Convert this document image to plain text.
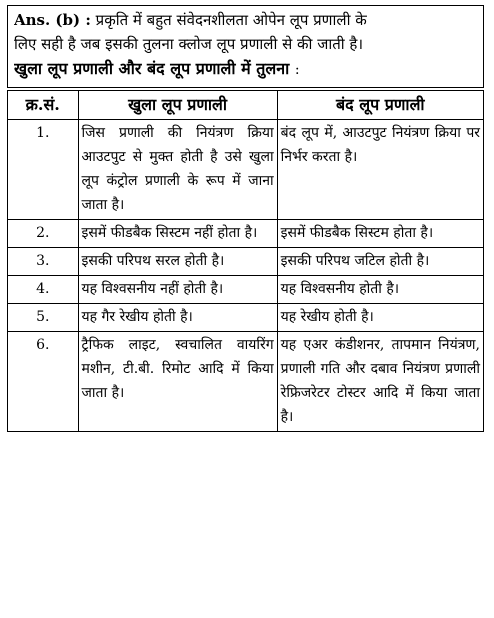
Ans. (b) : प्रकृति में बहुत संवेदनशीलता ओपेन लूप प्रणाली के
लिए सही है जब इसकी तुलना क्लोज लूप प्रणाली से की जाती है।
खुला लूप प्रणाली और बंद लूप प्रणाली में तुलना :
क्र.सं.	खुला लूप प्रणाली	बंद लूप प्रणाली
1.	जिस प्रणाली की नियंत्रण क्रिया आउटपुट से मुक्त होती है उसे खुला लूप कंट्रोल प्रणाली के रूप में जाना जाता है।	बंद लूप में, आउटपुट नियंत्रण क्रिया पर निर्भर करता है।
2.	इसमें फीडबैक सिस्टम नहीं होता है।	इसमें फीडबैक सिस्टम होता है।
3.	इसकी परिपथ सरल होती है।	इसकी परिपथ जटिल होती है।
4.	यह विश्वसनीय नहीं होती है।	यह विश्वसनीय होती है।
5.	यह गैर रेखीय होती है।	यह रेखीय होती है।
6.	ट्रैफिक लाइट, स्वचालित वायरिंग मशीन, टी.बी. रिमोट आदि में किया जाता है।	यह एअर कंडीशनर, तापमान नियंत्रण, प्रणाली गति और दबाव नियंत्रण प्रणाली रेफ्रिजरेटर टोस्टर आदि में किया जाता है।
